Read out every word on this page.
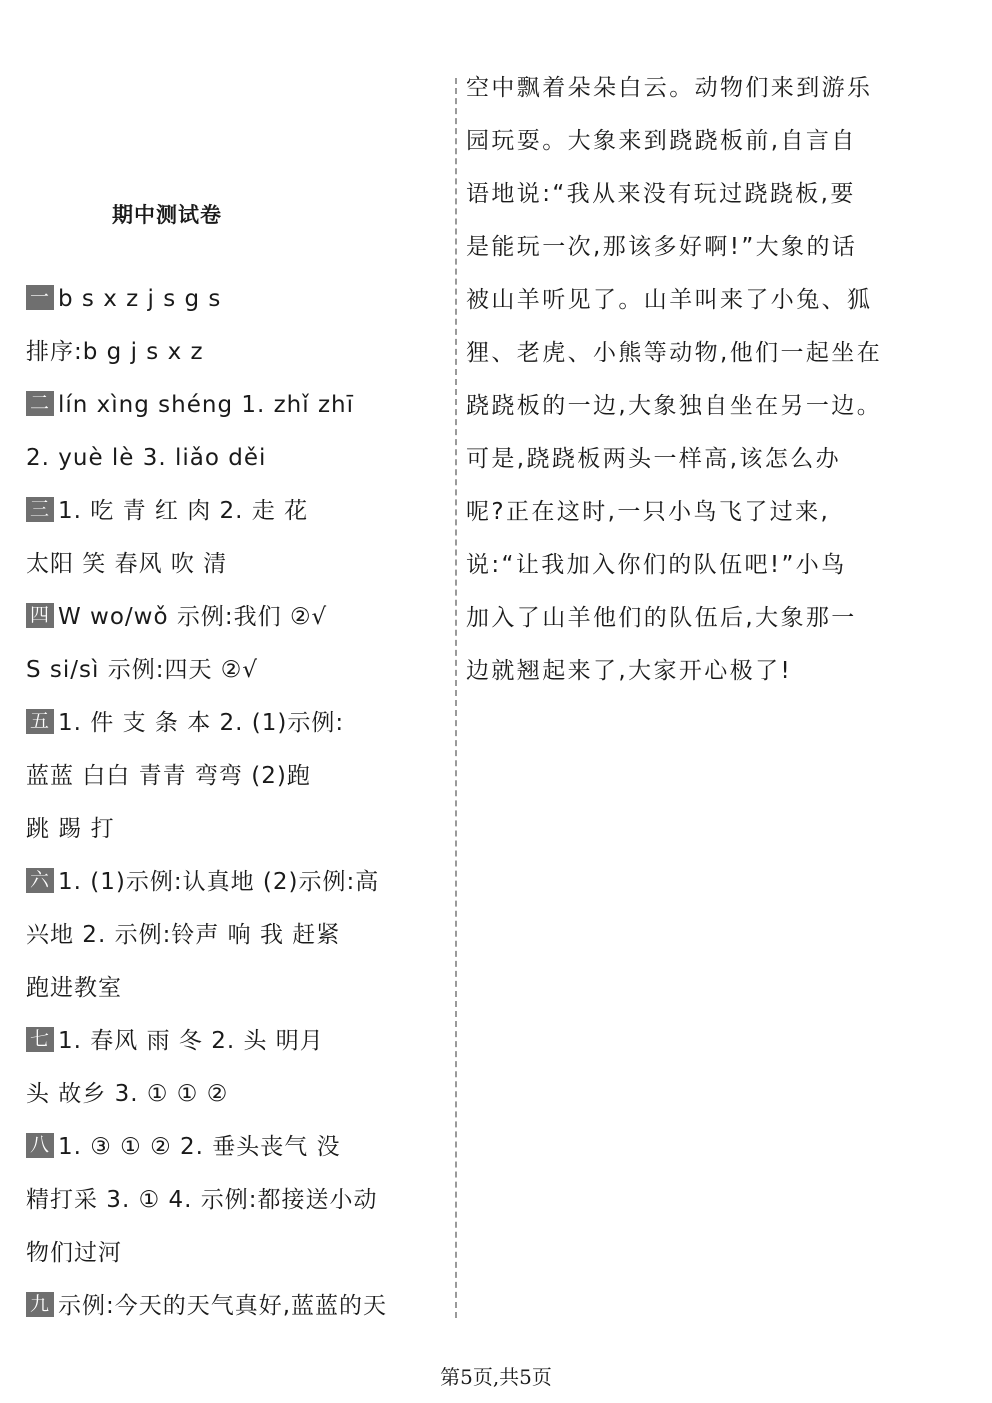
期中测试卷
一 b s x z j s g s
排序:b g j s x z
二 lín xìng shéng 1. zhǐ zhī
2. yuè lè 3. liǎo děi
三 1. 吃 青 红 肉 2. 走 花
太阳 笑 春风 吹 清
四 W wo/wǒ 示例:我们 ②√
S si/sì 示例:四天 ②√
五 1. 件 支 条 本 2. (1)示例:
蓝蓝 白白 青青 弯弯 (2)跑
跳 踢 打
六 1. (1)示例:认真地 (2)示例:高
兴地 2. 示例:铃声 响 我 赶紧
跑进教室
七 1. 春风 雨 冬 2. 头 明月
头 故乡 3. ① ① ②
八 1. ③ ① ② 2. 垂头丧气 没
精打采 3. ① 4. 示例:都接送小动
物们过河
九 示例:今天的天气真好,蓝蓝的天
空中飘着朵朵白云。动物们来到游乐
园玩耍。大象来到跷跷板前,自言自
语地说:“我从来没有玩过跷跷板,要
是能玩一次,那该多好啊!”大象的话
被山羊听见了。山羊叫来了小兔、狐
狸、老虎、小熊等动物,他们一起坐在
跷跷板的一边,大象独自坐在另一边。
可是,跷跷板两头一样高,该怎么办
呢?正在这时,一只小鸟飞了过来,
说:“让我加入你们的队伍吧!”小鸟
加入了山羊他们的队伍后,大象那一
边就翘起来了,大家开心极了!
第5页,共5页
